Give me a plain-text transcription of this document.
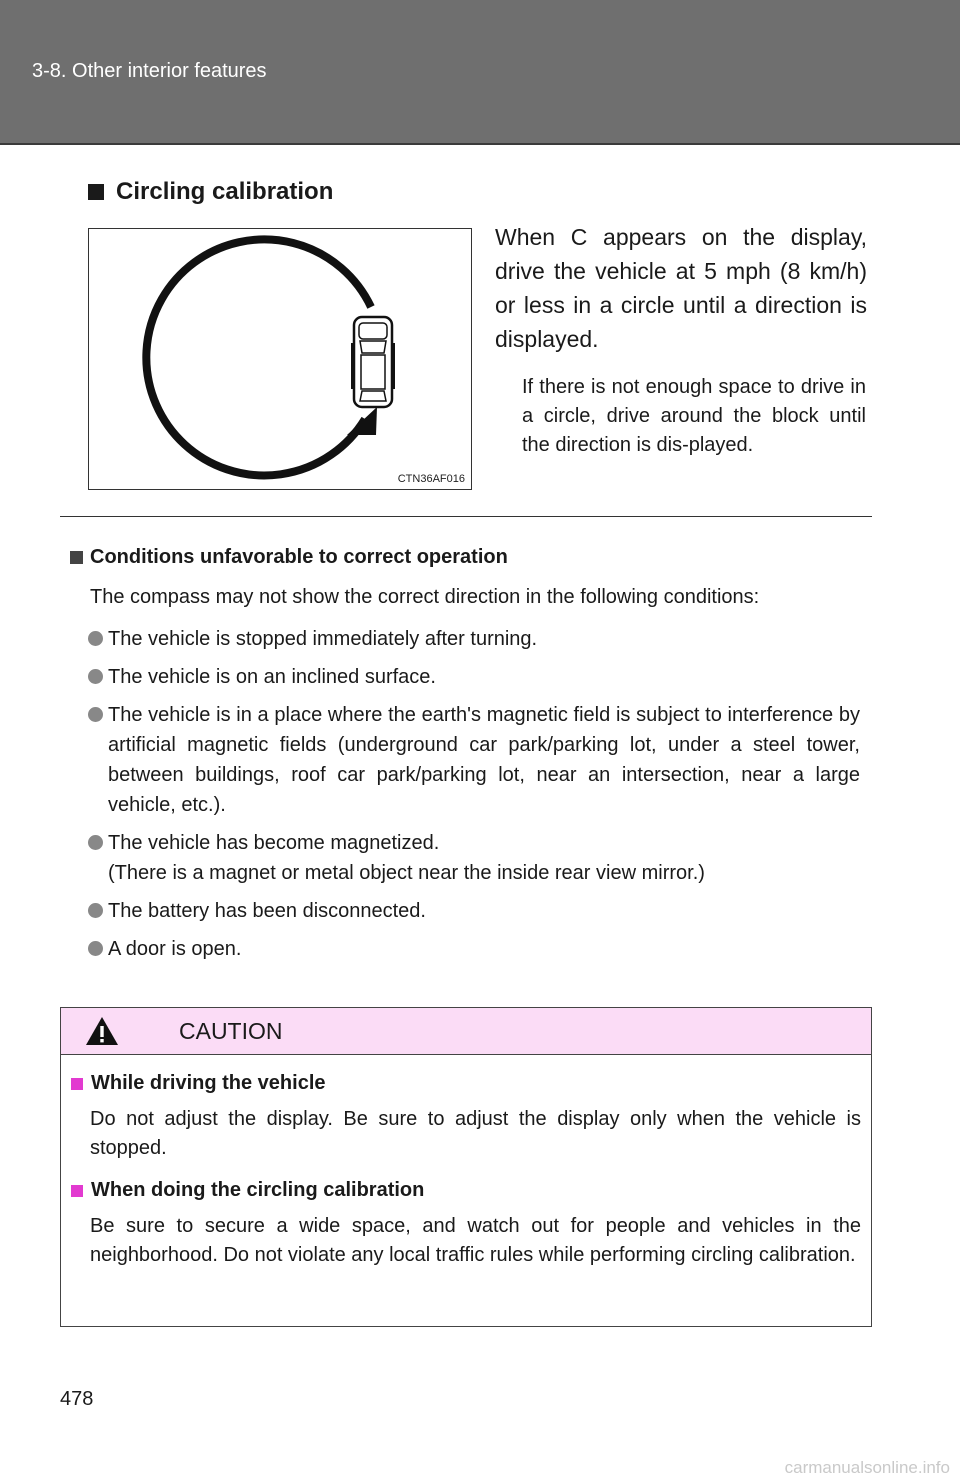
3-8. Other interior features
Circling calibration
CTN36AF016
When C appears on the display, drive the vehicle at 5 mph (8 km/h) or less in a circle until a direction is displayed.
If there is not enough space to drive in a circle, drive around the block until the direction is dis-played.
Conditions unfavorable to correct operation
The compass may not show the correct direction in the following conditions:
The vehicle is stopped immediately after turning.
The vehicle is on an inclined surface.
The vehicle is in a place where the earth's magnetic field is subject to interference by artificial magnetic fields (underground car park/parking lot, under a steel tower, between buildings, roof car park/parking lot, near an intersection, near a large vehicle, etc.).
The vehicle has become magnetized.
(There is a magnet or metal object near the inside rear view mirror.)
The battery has been disconnected.
A door is open.
CAUTION
While driving the vehicle
Do not adjust the display. Be sure to adjust the display only when the vehicle is stopped.
When doing the circling calibration
Be sure to secure a wide space, and watch out for people and vehicles in the neighborhood. Do not violate any local traffic rules while performing circling calibration.
478
carmanualsonline.info
